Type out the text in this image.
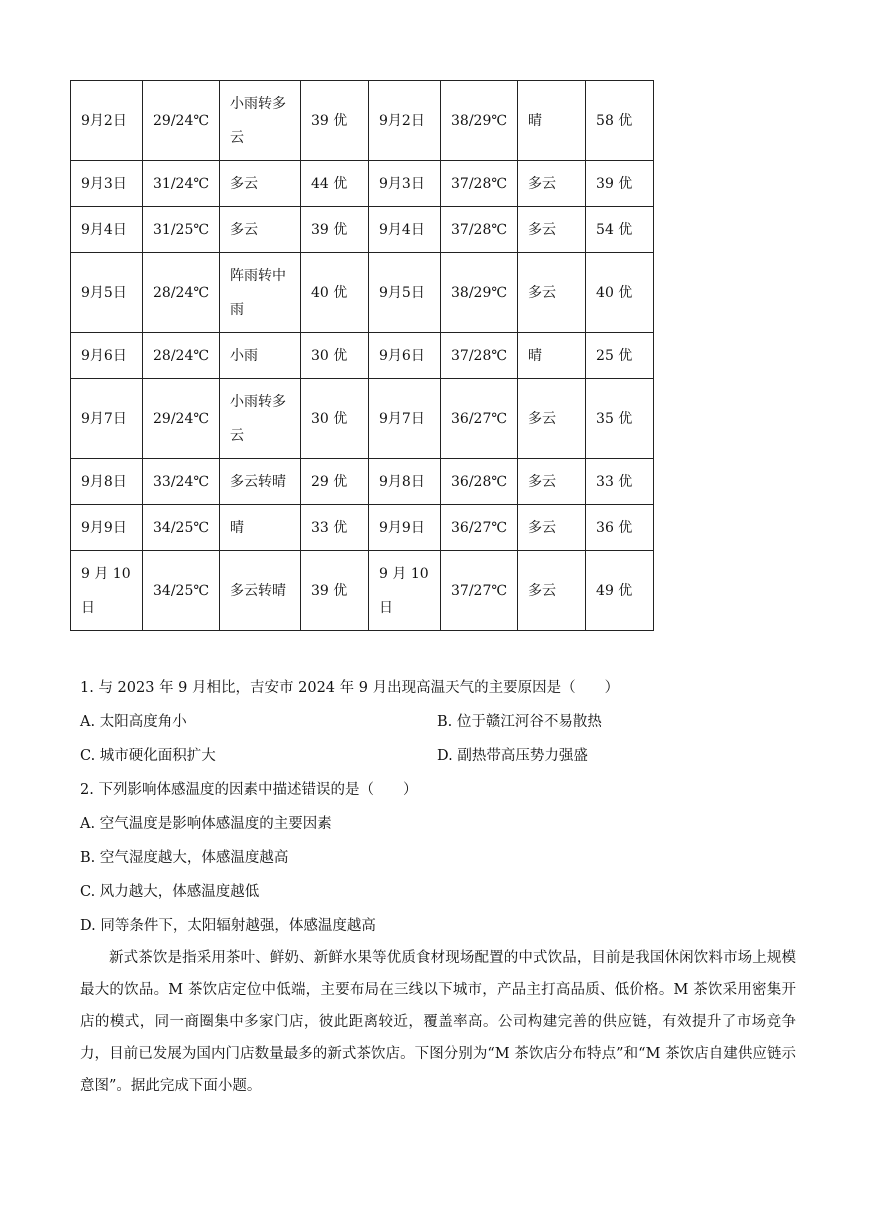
9月2日	29/24℃	小雨转多云	39 优	9月2日	38/29℃	晴	58 优
9月3日	31/24℃	多云	44 优	9月3日	37/28℃	多云	39 优
9月4日	31/25℃	多云	39 优	9月4日	37/28℃	多云	54 优
9月5日	28/24℃	阵雨转中雨	40 优	9月5日	38/29℃	多云	40 优
9月6日	28/24℃	小雨	30 优	9月6日	37/28℃	晴	25 优
9月7日	29/24℃	小雨转多云	30 优	9月7日	36/27℃	多云	35 优
9月8日	33/24℃	多云转晴	29 优	9月8日	36/28℃	多云	33 优
9月9日	34/25℃	晴	33 优	9月9日	36/27℃	多云	36 优
9 月 10 日	34/25℃	多云转晴	39 优	9 月 10 日	37/27℃	多云	49 优
1. 与 2023 年 9 月相比，吉安市 2024 年 9 月出现高温天气的主要原因是（　　）
A. 太阳高度角小	B. 位于赣江河谷不易散热
C. 城市硬化面积扩大	D. 副热带高压势力强盛
2. 下列影响体感温度的因素中描述错误的是（　　）
A. 空气温度是影响体感温度的主要因素
B. 空气湿度越大，体感温度越高
C. 风力越大，体感温度越低
D. 同等条件下，太阳辐射越强，体感温度越高
新式茶饮是指采用茶叶、鲜奶、新鲜水果等优质食材现场配置的中式饮品，目前是我国休闲饮料市场上规模最大的饮品。M 茶饮店定位中低端，主要布局在三线以下城市，产品主打高品质、低价格。M 茶饮采用密集开店的模式，同一商圈集中多家门店，彼此距离较近，覆盖率高。公司构建完善的供应链，有效提升了市场竞争力，目前已发展为国内门店数量最多的新式茶饮店。下图分别为“M 茶饮店分布特点”和“M 茶饮店自建供应链示意图”。据此完成下面小题。
